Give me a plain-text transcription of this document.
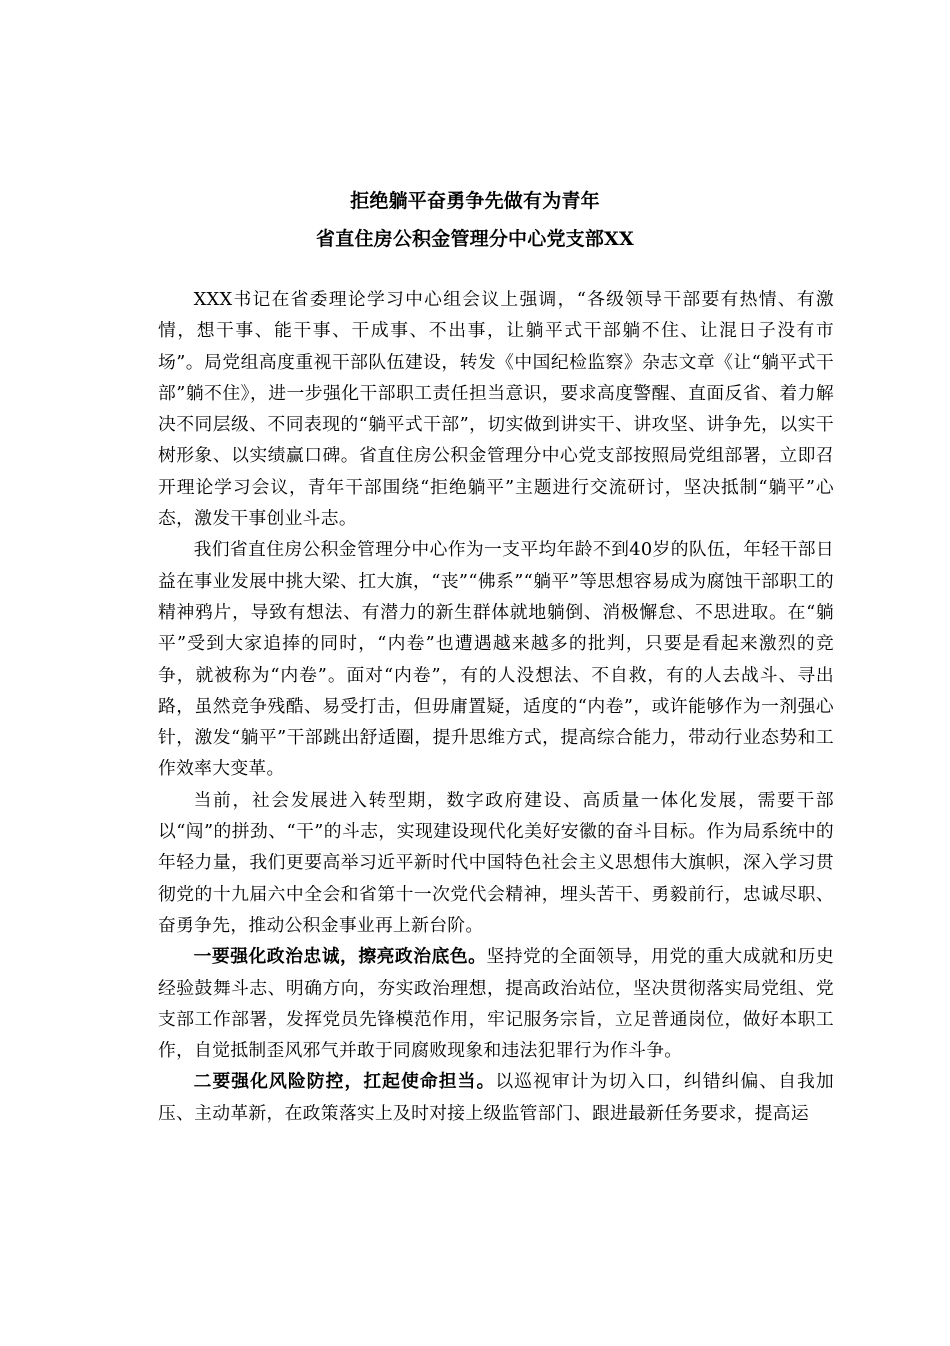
拒绝躺平奋勇争先做有为青年
省直住房公积金管理分中心党支部XX

XXX书记在省委理论学习中心组会议上强调，“各级领导干部要有热情、有激情，想干事、能干事、干成事、不出事，让躺平式干部躺不住、让混日子没有市场”。局党组高度重视干部队伍建设，转发《中国纪检监察》杂志文章《让“躺平式干部”躺不住》，进一步强化干部职工责任担当意识，要求高度警醒、直面反省、着力解决不同层级、不同表现的“躺平式干部”，切实做到讲实干、讲攻坚、讲争先，以实干树形象、以实绩赢口碑。省直住房公积金管理分中心党支部按照局党组部署，立即召开理论学习会议，青年干部围绕“拒绝躺平”主题进行交流研讨，坚决抵制“躺平”心态，激发干事创业斗志。

我们省直住房公积金管理分中心作为一支平均年龄不到40岁的队伍，年轻干部日益在事业发展中挑大梁、扛大旗，“丧”“佛系”“躺平”等思想容易成为腐蚀干部职工的精神鸦片，导致有想法、有潜力的新生群体就地躺倒、消极懈怠、不思进取。在“躺平”受到大家追捧的同时，“内卷”也遭遇越来越多的批判，只要是看起来激烈的竞争，就被称为“内卷”。面对“内卷”，有的人没想法、不自救，有的人去战斗、寻出路，虽然竞争残酷、易受打击，但毋庸置疑，适度的“内卷”，或许能够作为一剂强心针，激发“躺平”干部跳出舒适圈，提升思维方式，提高综合能力，带动行业态势和工作效率大变革。

当前，社会发展进入转型期，数字政府建设、高质量一体化发展，需要干部以“闯”的拼劲、“干”的斗志，实现建设现代化美好安徽的奋斗目标。作为局系统中的年轻力量，我们更要高举习近平新时代中国特色社会主义思想伟大旗帜，深入学习贯彻党的十九届六中全会和省第十一次党代会精神，埋头苦干、勇毅前行，忠诚尽职、奋勇争先，推动公积金事业再上新台阶。

一要强化政治忠诚，擦亮政治底色。坚持党的全面领导，用党的重大成就和历史经验鼓舞斗志、明确方向，夯实政治理想，提高政治站位，坚决贯彻落实局党组、党支部工作部署，发挥党员先锋模范作用，牢记服务宗旨，立足普通岗位，做好本职工作，自觉抵制歪风邪气并敢于同腐败现象和违法犯罪行为作斗争。

二要强化风险防控，扛起使命担当。以巡视审计为切入口，纠错纠偏、自我加压、主动革新，在政策落实上及时对接上级监管部门、跟进最新任务要求，提高运
